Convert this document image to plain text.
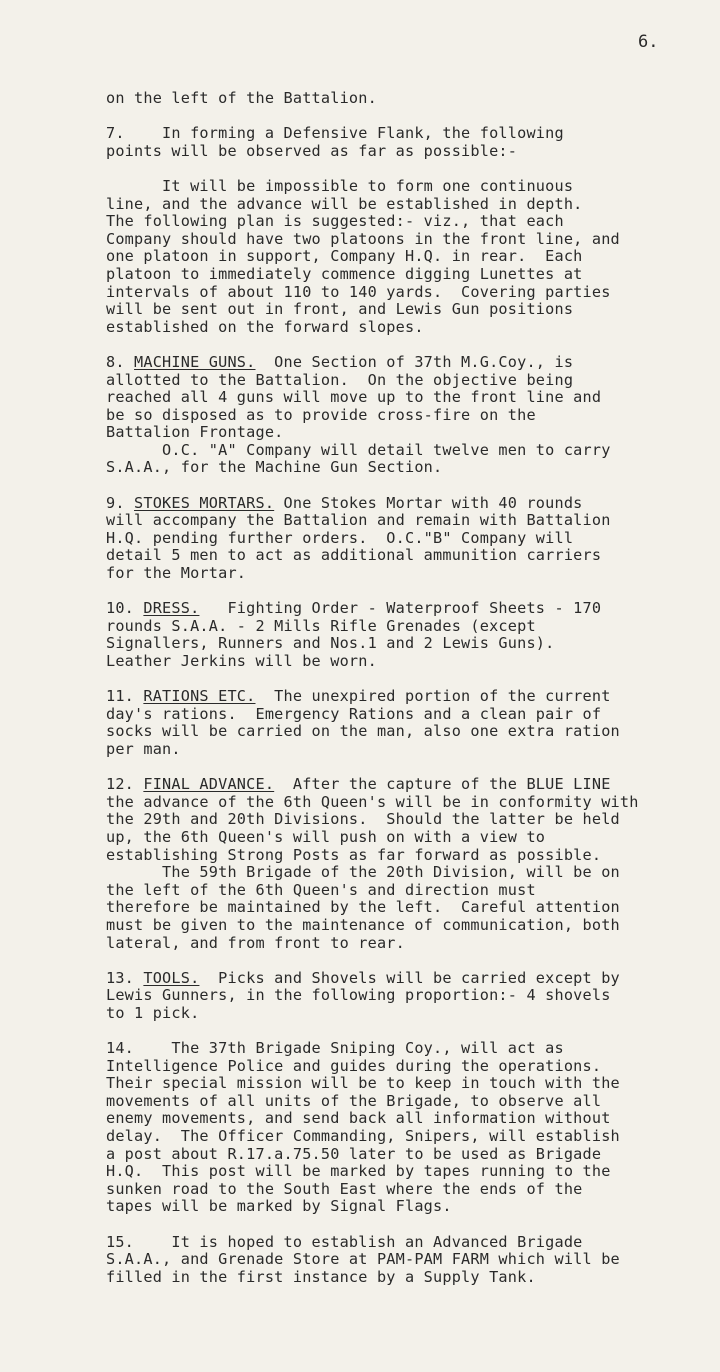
6.
on the left of the Battalion.

7.    In forming a Defensive Flank, the following
points will be observed as far as possible:-

It will be impossible to form one continuous
line, and the advance will be established in depth.
The following plan is suggested:- viz., that each
Company should have two platoons in the front line, and
one platoon in support, Company H.Q. in rear.  Each
platoon to immediately commence digging Lunettes at
intervals of about 110 to 140 yards.  Covering parties
will be sent out in front, and Lewis Gun positions
established on the forward slopes.

8. MACHINE GUNS.  One Section of 37th M.G.Coy., is
allotted to the Battalion.  On the objective being
reached all 4 guns will move up to the front line and
be so disposed as to provide cross-fire on the
Battalion Frontage.
O.C. "A" Company will detail twelve men to carry
S.A.A., for the Machine Gun Section.

9. STOKES MORTARS. One Stokes Mortar with 40 rounds
will accompany the Battalion and remain with Battalion
H.Q. pending further orders.  O.C."B" Company will
detail 5 men to act as additional ammunition carriers
for the Mortar.

10. DRESS.   Fighting Order - Waterproof Sheets - 170
rounds S.A.A. - 2 Mills Rifle Grenades (except
Signallers, Runners and Nos.1 and 2 Lewis Guns).
Leather Jerkins will be worn.

11. RATIONS ETC.  The unexpired portion of the current
day's rations.  Emergency Rations and a clean pair of
socks will be carried on the man, also one extra ration
per man.

12. FINAL ADVANCE.  After the capture of the BLUE LINE
the advance of the 6th Queen's will be in conformity with
the 29th and 20th Divisions.  Should the latter be held
up, the 6th Queen's will push on with a view to
establishing Strong Posts as far forward as possible.
The 59th Brigade of the 20th Division, will be on
the left of the 6th Queen's and direction must
therefore be maintained by the left.  Careful attention
must be given to the maintenance of communication, both
lateral, and from front to rear.

13. TOOLS.  Picks and Shovels will be carried except by
Lewis Gunners, in the following proportion:- 4 shovels
to 1 pick.

14.    The 37th Brigade Sniping Coy., will act as
Intelligence Police and guides during the operations.
Their special mission will be to keep in touch with the
movements of all units of the Brigade, to observe all
enemy movements, and send back all information without
delay.  The Officer Commanding, Snipers, will establish
a post about R.17.a.75.50 later to be used as Brigade
H.Q.  This post will be marked by tapes running to the
sunken road to the South East where the ends of the
tapes will be marked by Signal Flags.

15.    It is hoped to establish an Advanced Brigade
S.A.A., and Grenade Store at PAM-PAM FARM which will be
filled in the first instance by a Supply Tank.
